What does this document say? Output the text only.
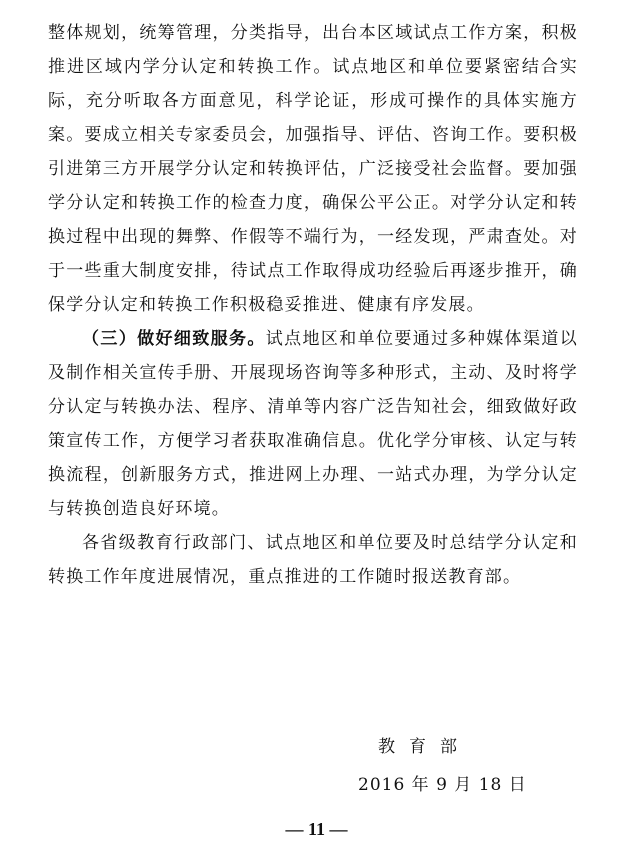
整体规划，统筹管理，分类指导，出台本区域试点工作方案，积极推进区域内学分认定和转换工作。试点地区和单位要紧密结合实际，充分听取各方面意见，科学论证，形成可操作的具体实施方案。要成立相关专家委员会，加强指导、评估、咨询工作。要积极引进第三方开展学分认定和转换评估，广泛接受社会监督。要加强学分认定和转换工作的检查力度，确保公平公正。对学分认定和转换过程中出现的舞弊、作假等不端行为，一经发现，严肃查处。对于一些重大制度安排，待试点工作取得成功经验后再逐步推开，确保学分认定和转换工作积极稳妥推进、健康有序发展。

（三）做好细致服务。试点地区和单位要通过多种媒体渠道以及制作相关宣传手册、开展现场咨询等多种形式，主动、及时将学分认定与转换办法、程序、清单等内容广泛告知社会，细致做好政策宣传工作，方便学习者获取准确信息。优化学分审核、认定与转换流程，创新服务方式，推进网上办理、一站式办理，为学分认定与转换创造良好环境。

各省级教育行政部门、试点地区和单位要及时总结学分认定和转换工作年度进展情况，重点推进的工作随时报送教育部。

教育部
2016 年 9 月 18 日
— 11 —
